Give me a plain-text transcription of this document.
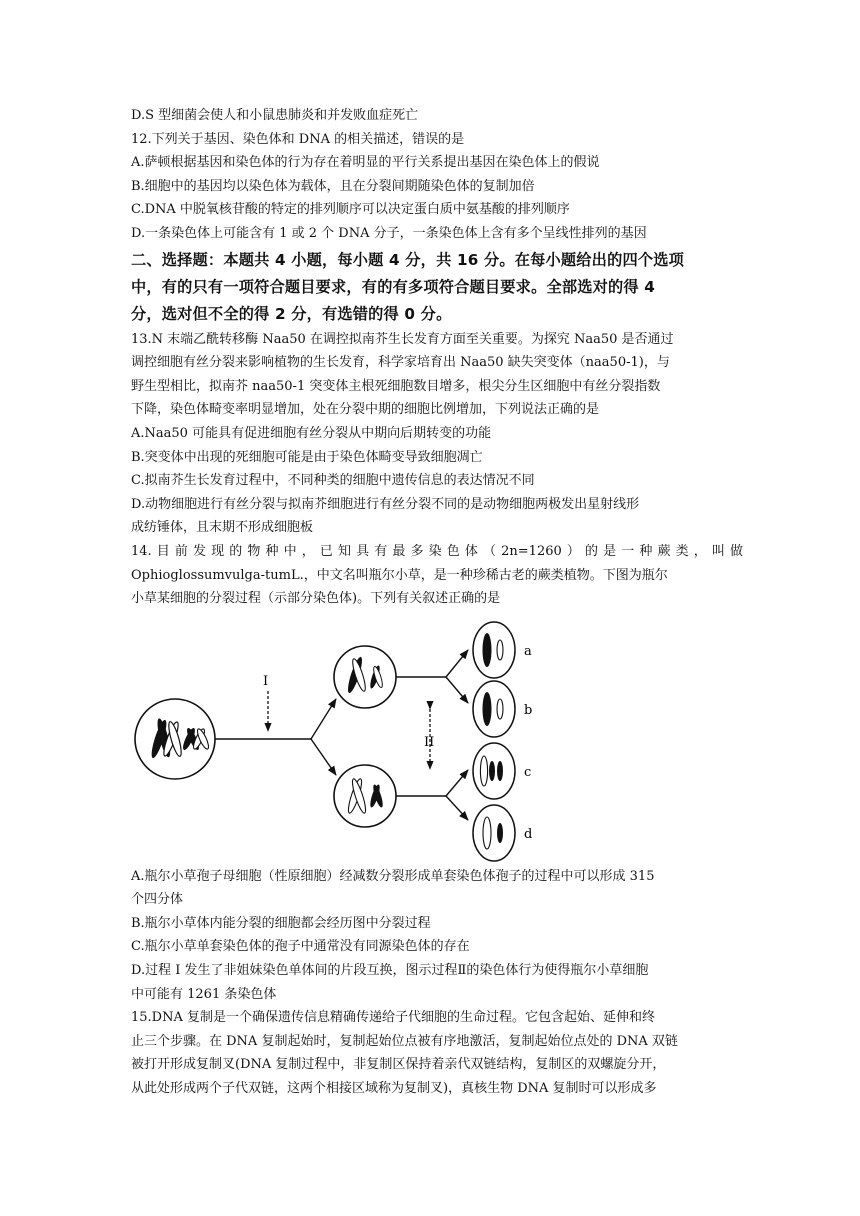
D.S 型细菌会使人和小鼠患肺炎和并发败血症死亡

12.下列关于基因、染色体和 DNA 的相关描述，错误的是

A.萨顿根据基因和染色体的行为存在着明显的平行关系提出基因在染色体上的假说

B.细胞中的基因均以染色体为载体，且在分裂间期随染色体的复制加倍

C.DNA 中脱氧核苷酸的特定的排列顺序可以决定蛋白质中氨基酸的排列顺序

D.一条染色体上可能含有 1 或 2 个 DNA 分子，一条染色体上含有多个呈线性排列的基因

二、选择题：本题共 4 小题，每小题 4 分，共 16 分。在每小题给出的四个选项

中，有的只有一项符合题目要求，有的有多项符合题目要求。全部选对的得 4

分，选对但不全的得 2 分，有选错的得 0 分。

13.N 末端乙酰转移酶 Naa50 在调控拟南芥生长发育方面至关重要。为探究 Naa50 是否通过

调控细胞有丝分裂来影响植物的生长发育，科学家培育出 Naa50 缺失突变体（naa50-1)，与

野生型相比，拟南芥 naa50-1 突变体主根死细胞数目增多，根尖分生区细胞中有丝分裂指数

下降，染色体畸变率明显增加，处在分裂中期的细胞比例增加，下列说法正确的是

A.Naa50 可能具有促进细胞有丝分裂从中期向后期转变的功能

B.突变体中出现的死细胞可能是由于染色体畸变导致细胞凋亡

C.拟南芥生长发育过程中，不同种类的细胞中遗传信息的表达情况不同

D.动物细胞进行有丝分裂与拟南芥细胞进行有丝分裂不同的是动物细胞两极发出星射线形

成纺锤体，且末期不形成细胞板

14.目前发现的物种中，已知具有最多染色体（2n=1260）的是一种蕨类，叫做

Ophioglossumvulga-tumL.，中文名叫瓶尔小草，是一种珍稀古老的蕨类植物。下图为瓶尔

小草某细胞的分裂过程（示部分染色体)。下列有关叙述正确的是

I
II
a
b
c
d

A.瓶尔小草孢子母细胞（性原细胞）经减数分裂形成单套染色体孢子的过程中可以形成 315

个四分体

B.瓶尔小草体内能分裂的细胞都会经历图中分裂过程

C.瓶尔小草单套染色体的孢子中通常没有同源染色体的存在

D.过程 I 发生了非姐妹染色单体间的片段互换，图示过程Ⅱ的染色体行为使得瓶尔小草细胞

中可能有 1261 条染色体

15.DNA 复制是一个确保遗传信息精确传递给子代细胞的生命过程。它包含起始、延伸和终

止三个步骤。在 DNA 复制起始时，复制起始位点被有序地激活，复制起始位点处的 DNA 双链

被打开形成复制叉(DNA 复制过程中，非复制区保持着亲代双链结构，复制区的双螺旋分开，

从此处形成两个子代双链，这两个相接区域称为复制叉)，真核生物 DNA 复制时可以形成多
